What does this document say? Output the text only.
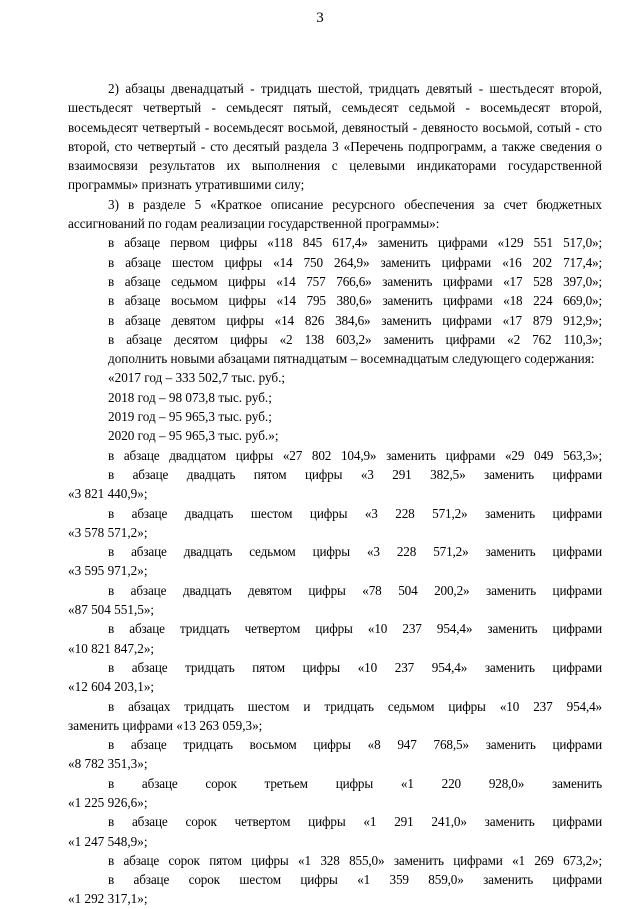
3

2) абзацы двенадцатый - тридцать шестой, тридцать девятый - шестьдесят второй, шестьдесят четвертый - семьдесят пятый, семьдесят седьмой - восемьдесят второй, восемьдесят четвертый - восемьдесят восьмой, девяностый - девяносто восьмой, сотый - сто второй, сто четвертый - сто десятый раздела 3 «Перечень подпрограмм, а также сведения о взаимосвязи результатов их выполнения с целевыми индикаторами государственной программы» признать утратившими силу;

3) в разделе 5 «Краткое описание ресурсного обеспечения за счет бюджетных ассигнований по годам реализации государственной программы»:

в абзаце первом цифры «118 845 617,4» заменить цифрами «129 551 517,0»;

в абзаце шестом цифры «14 750 264,9» заменить цифрами «16 202 717,4»;

в абзаце седьмом цифры «14 757 766,6» заменить цифрами «17 528 397,0»;

в абзаце восьмом цифры «14 795 380,6» заменить цифрами «18 224 669,0»;

в абзаце девятом цифры «14 826 384,6» заменить цифрами «17 879 912,9»;

в абзаце десятом цифры «2 138 603,2» заменить цифрами «2 762 110,3»;

дополнить новыми абзацами пятнадцатым – восемнадцатым следующего содержания:

«2017 год – 333 502,7 тыс. руб.;

2018 год – 98 073,8 тыс. руб.;

2019 год – 95 965,3 тыс. руб.;

2020 год – 95 965,3 тыс. руб.»;

в абзаце двадцатом цифры «27 802 104,9» заменить цифрами «29 049 563,3»;

в абзаце двадцать пятом цифры «3 291 382,5» заменить цифрами

«3 821 440,9»;

в абзаце двадцать шестом цифры «3 228 571,2» заменить цифрами

«3 578 571,2»;

в абзаце двадцать седьмом цифры «3 228 571,2» заменить цифрами

«3 595 971,2»;

в абзаце двадцать девятом цифры «78 504 200,2» заменить цифрами

«87 504 551,5»;

в абзаце тридцать четвертом цифры «10 237 954,4» заменить цифрами

«10 821 847,2»;

в абзаце тридцать пятом цифры «10 237 954,4» заменить цифрами

«12 604 203,1»;

в абзацах тридцать шестом и тридцать седьмом цифры «10 237 954,4»

заменить цифрами «13 263 059,3»;

в абзаце тридцать восьмом цифры «8 947 768,5» заменить цифрами

«8 782 351,3»;

в абзаце сорок третьем цифры «1 220 928,0» заменить

«1 225 926,6»;

в абзаце сорок четвертом цифры «1 291 241,0» заменить цифрами

«1 247 548,9»;

в абзаце сорок пятом цифры «1 328 855,0» заменить цифрами «1 269 673,2»;

в абзаце сорок шестом цифры «1 359 859,0» заменить цифрами

«1 292 317,1»;
